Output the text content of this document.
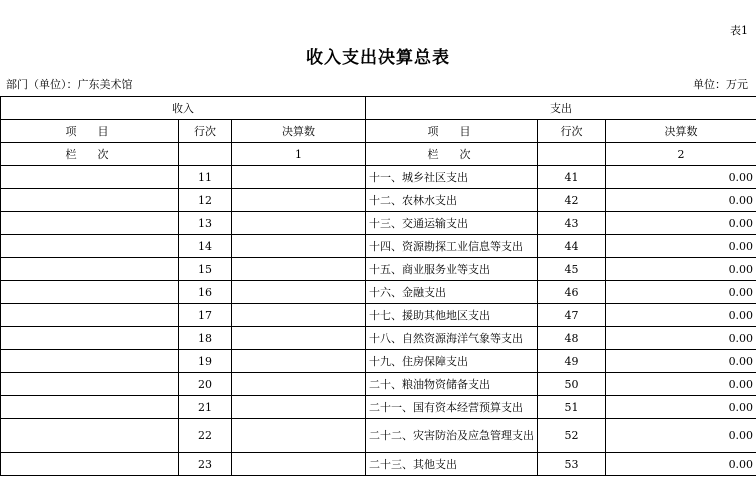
表1
收入支出决算总表
部门（单位）：广东美术馆	单位：万元
收入			支出		
项　目	行次	决算数	项　目	行次	决算数
栏　次		1	栏　次		2
	11		十一、城乡社区支出	41	0.00
	12		十二、农林水支出	42	0.00
	13		十三、交通运输支出	43	0.00
	14		十四、资源勘探工业信息等支出	44	0.00
	15		十五、商业服务业等支出	45	0.00
	16		十六、金融支出	46	0.00
	17		十七、援助其他地区支出	47	0.00
	18		十八、自然资源海洋气象等支出	48	0.00
	19		十九、住房保障支出	49	0.00
	20		二十、粮油物资储备支出	50	0.00
	21		二十一、国有资本经营预算支出	51	0.00
	22		二十二、灾害防治及应急管理支出	52	0.00
	23		二十三、其他支出	53	0.00
